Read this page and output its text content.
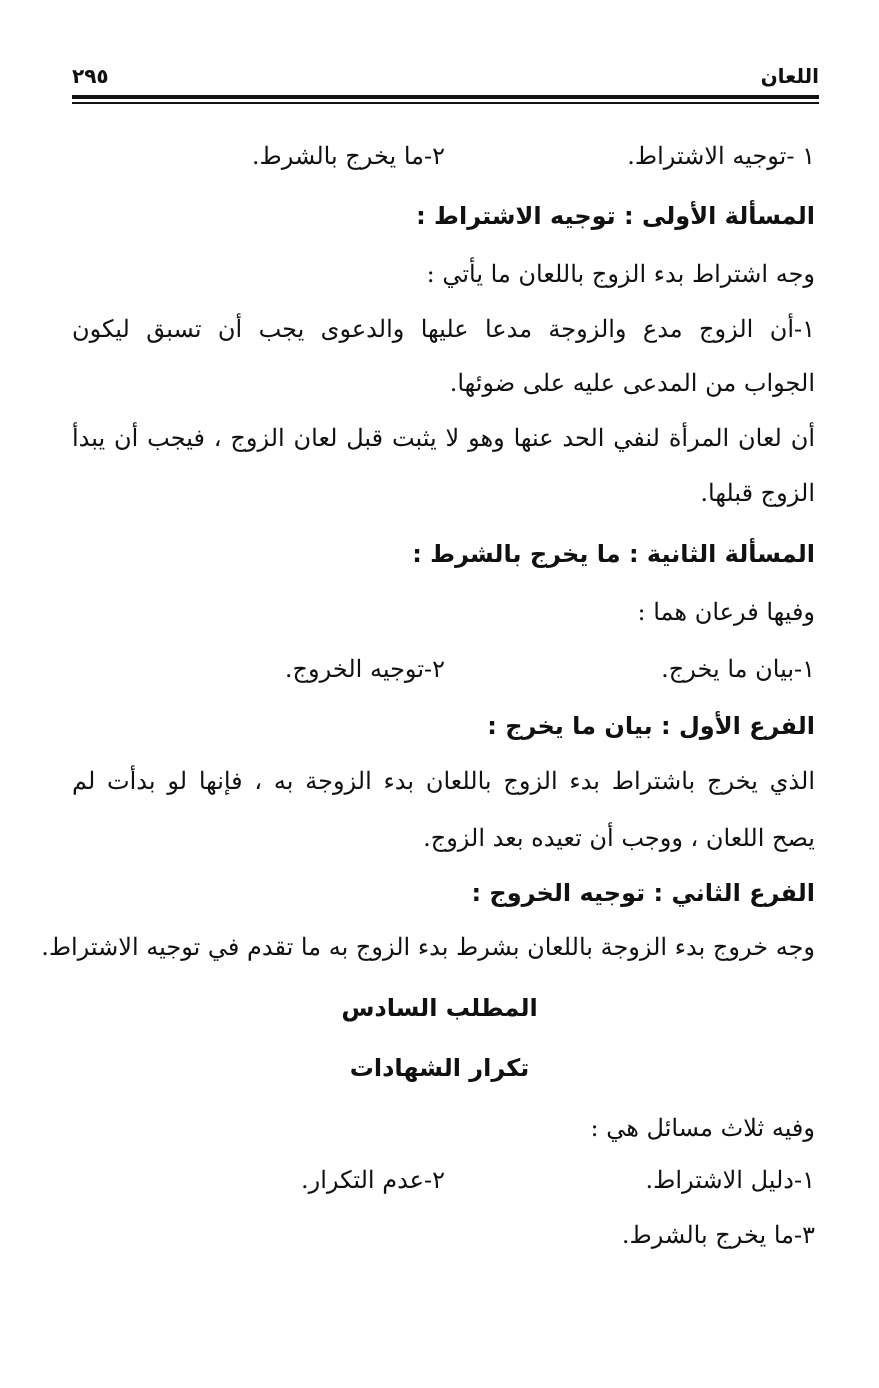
اللعان
٢٩٥
١ -توجيه الاشتراط.
٢-ما يخرج بالشرط.
المسألة الأولى : توجيه الاشتراط :
وجه اشتراط بدء الزوج باللعان ما يأتي :
١-أن الزوج مدع والزوجة مدعا عليها والدعوى يجب أن تسبق ليكون
الجواب من المدعى عليه على ضوئها.
أن لعان المرأة لنفي الحد عنها وهو لا يثبت قبل لعان الزوج ، فيجب أن يبدأ
الزوج قبلها.
المسألة الثانية : ما يخرج بالشرط :
وفيها فرعان هما :
١-بيان ما يخرج.
٢-توجيه الخروج.
الفرع الأول : بيان ما يخرج :
الذي يخرج باشتراط بدء الزوج باللعان بدء الزوجة به ، فإنها لو بدأت لم
يصح اللعان ، ووجب أن تعيده بعد الزوج.
الفرع الثاني : توجيه الخروج :
وجه خروج بدء الزوجة باللعان بشرط بدء الزوج به ما تقدم في توجيه الاشتراط.
المطلب السادس
تكرار الشهادات
وفيه ثلاث مسائل هي :
١-دليل الاشتراط.
٢-عدم التكرار.
٣-ما يخرج بالشرط.
